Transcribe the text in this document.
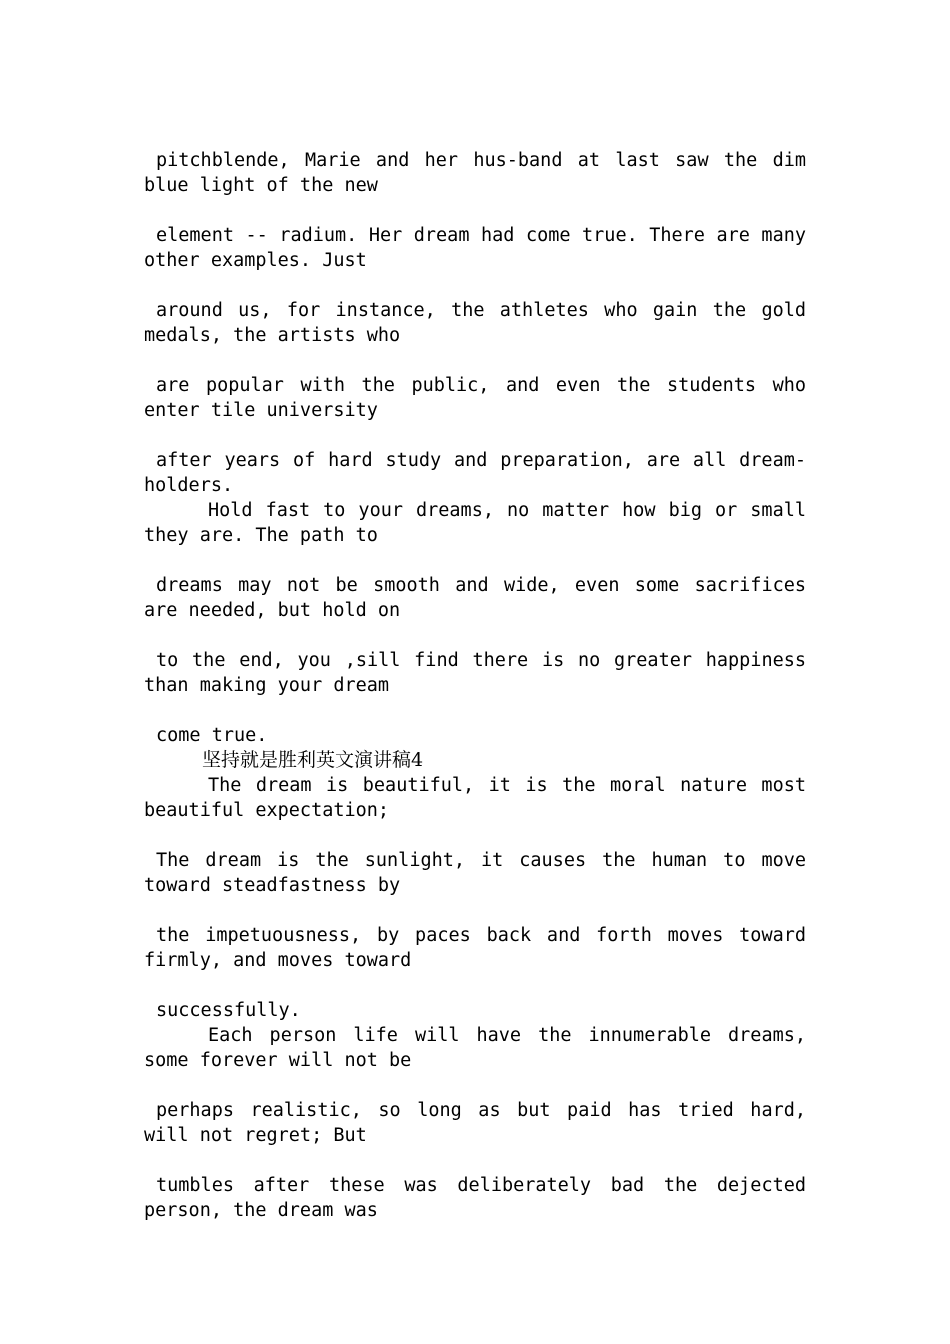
pitchblende, Marie and her hus-band at last saw the dim
blue light of the new
element -- radium. Her dream had come true. There are many
other examples. Just
around us, for instance, the athletes who gain the gold
medals, the artists who
are popular with the public, and even the students who
enter tile university
after years of hard study and preparation, are all dream-
holders.
Hold fast to your dreams, no matter how big or small
they are. The path to
dreams may not be smooth and wide, even some sacrifices
are needed, but hold on
to the end, you ,sill find there is no greater happiness
than making your dream
come true.
坚持就是胜利英文演讲稿4
The dream is beautiful, it is the moral nature most
beautiful expectation;
The dream is the sunlight, it causes the human to move
toward steadfastness by
the impetuousness, by paces back and forth moves toward
firmly, and moves toward
successfully.
Each person life will have the innumerable dreams,
some forever will not be
perhaps realistic, so long as but paid has tried hard,
will not regret; But
tumbles after these was deliberately bad the dejected
person, the dream was
